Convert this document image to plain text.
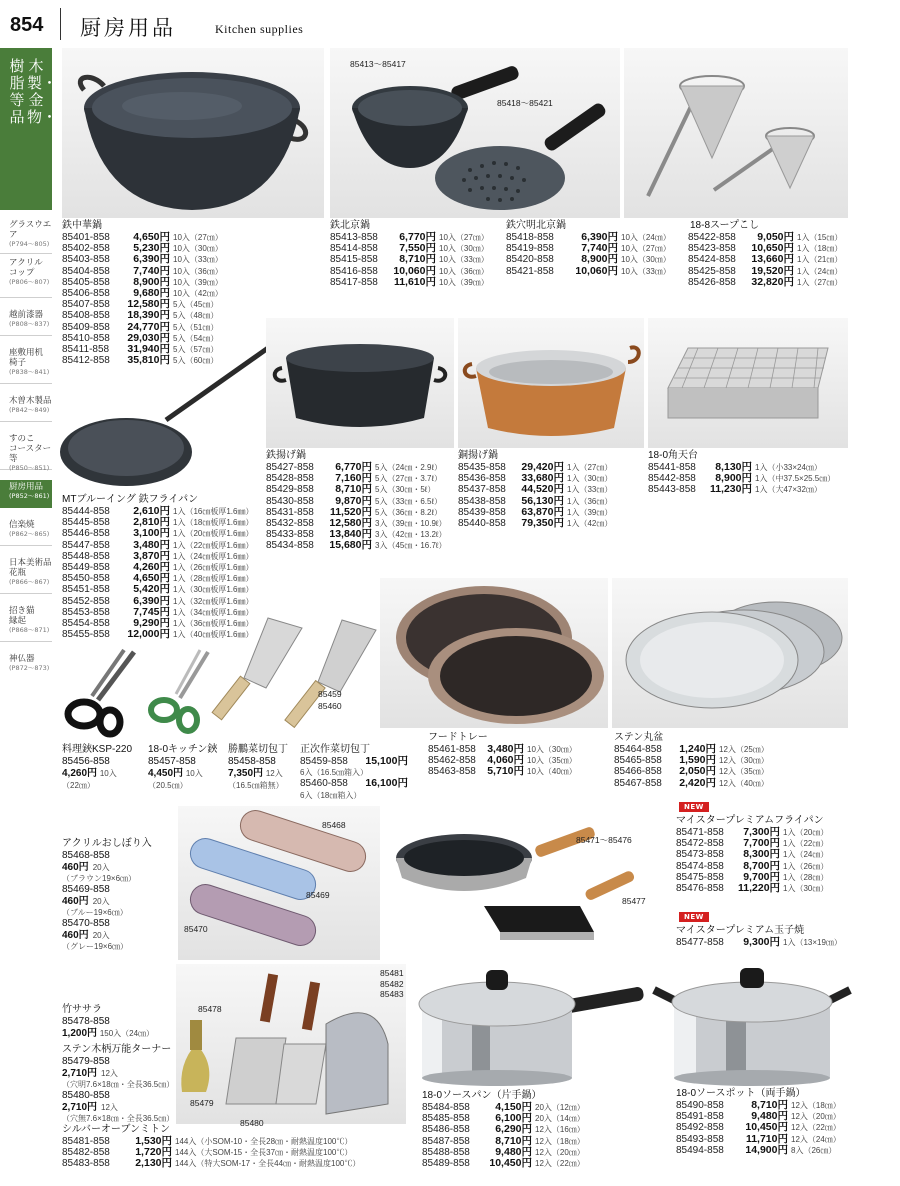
854 厨房用品	Kitchen supplies
木製・金物・
樹脂等品
グラスウエア
(P794～805)
アクリル
コップ
(P806～807)
越前漆器
(P808～837)
座敷用机
椅子
(P838～841)
木曽木製品
(P842～849)
すのこ
コースター等
(P850～851)
厨房用品
(P852～861)
信楽焼
(P862～865)
日本美術品
花瓶
(P866～867)
招き猫
縁起
(P868～871)
神仏器
(P872～873)
85413～85417
85418～85421
85459
85460
85468
85469
85470
85471～85476
85477
85478
85479
85480
85481
85482
85483
鉄中華鍋
85401-858	4,650円 10入（27㎝）
85402-858	5,230円 10入（30㎝）
85403-858	6,390円 10入（33㎝）
85404-858	7,740円 10入（36㎝）
85405-858	8,900円 10入（39㎝）
85406-858	9,680円 10入（42㎝）
85407-858	12,580円 5入（45㎝）
85408-858	18,390円 5入（48㎝）
85409-858	24,770円 5入（51㎝）
85410-858	29,030円 5入（54㎝）
85411-858	31,940円 5入（57㎝）
85412-858	35,810円 5入（60㎝）
鉄北京鍋
85413-858	6,770円 10入（27㎝）
85414-858	7,550円 10入（30㎝）
85415-858	8,710円 10入（33㎝）
85416-858	10,060円 10入（36㎝）
85417-858	11,610円 10入（39㎝）
鉄穴明北京鍋
85418-858	6,390円 10入（24㎝）
85419-858	7,740円 10入（27㎝）
85420-858	8,900円 10入（30㎝）
85421-858	10,060円 10入（33㎝）
18-8スープこし
85422-858	9,050円 1入（15㎝）
85423-858	10,650円 1入（18㎝）
85424-858	13,660円 1入（21㎝）
85425-858	19,520円 1入（24㎝）
85426-858	32,820円 1入（27㎝）
鉄揚げ鍋
85427-858	6,770円 5入（24㎝・2.9ℓ）
85428-858	7,160円 5入（27㎝・3.7ℓ）
85429-858	8,710円 5入（30㎝・5ℓ）
85430-858	9,870円 5入（33㎝・6.5ℓ）
85431-858	11,520円 5入（36㎝・8.2ℓ）
85432-858	12,580円 3入（39㎝・10.9ℓ）
85433-858	13,840円 3入（42㎝・13.2ℓ）
85434-858	15,680円 3入（45㎝・16.7ℓ）
銅揚げ鍋
85435-858	29,420円 1入（27㎝）
85436-858	33,680円 1入（30㎝）
85437-858	44,520円 1入（33㎝）
85438-858	56,130円 1入（36㎝）
85439-858	63,870円 1入（39㎝）
85440-858	79,350円 1入（42㎝）
18-0角天台
85441-858	8,130円 1入（小33×24㎝）
85442-858	8,900円 1入（中37.5×25.5㎝）
85443-858	11,230円 1入（大47×32㎝）
MTブルーイング 鉄フライパン
85444-858	2,610円 1入（16㎝板厚1.6㎜）
85445-858	2,810円 1入（18㎝板厚1.6㎜）
85446-858	3,100円 1入（20㎝板厚1.6㎜）
85447-858	3,480円 1入（22㎝板厚1.6㎜）
85448-858	3,870円 1入（24㎝板厚1.6㎜）
85449-858	4,260円 1入（26㎝板厚1.6㎜）
85450-858	4,650円 1入（28㎝板厚1.6㎜）
85451-858	5,420円 1入（30㎝板厚1.6㎜）
85452-858	6,390円 1入（32㎝板厚1.6㎜）
85453-858	7,745円 1入（34㎝板厚1.6㎜）
85454-858	9,290円 1入（36㎝板厚1.6㎜）
85455-858	12,000円 1入（40㎝板厚1.6㎜）
料理鋏KSP-220
85456-858
4,260円 10入
（22㎝）
18-0キッチン鋏
85457-858
4,450円 10入
（20.5㎝）
勝鵬菜切包丁
85458-858
7,350円 12入
（16.5㎝箱無）
正次作菜切包丁
85459-858	15,100円
6入（16.5㎝箱入）
85460-858	16,100円
6入（18㎝箱入）
フードトレー
85461-858	3,480円 10入（30㎝）
85462-858	4,060円 10入（35㎝）
85463-858	5,710円 10入（40㎝）
ステン丸盆
85464-858	1,240円 12入（25㎝）
85465-858	1,590円 12入（30㎝）
85466-858	2,050円 12入（35㎝）
85467-858	2,420円 12入（40㎝）
アクリルおしぼり入
85468-858
460円 20入
（ブラウン19×6㎝）
85469-858
460円 20入
（ブルー19×6㎝）
85470-858
460円 20入
（グレー19×6㎝）
NEW
マイスタープレミアムフライパン
85471-858	7,300円 1入（20㎝）
85472-858	7,700円 1入（22㎝）
85473-858	8,300円 1入（24㎝）
85474-858	8,700円 1入（26㎝）
85475-858	9,700円 1入（28㎝）
85476-858	11,220円 1入（30㎝）
NEW
マイスタープレミアム玉子焼
85477-858	9,300円 1入（13×19㎝）
竹ササラ
85478-858
1,200円 150入（24㎝）
ステン木柄万能ターナー
85479-858
2,710円 12入
（穴明7.6×18㎝・全長36.5㎝）
85480-858
2,710円 12入
（穴無7.6×18㎝・全長36.5㎝）
シルバーオーブンミトン
85481-858	1,530円 144入（小SOM-10・全長28㎝・耐熱温度100℃）
85482-858	1,720円 144入（大SOM-15・全長37㎝・耐熱温度100℃）
85483-858	2,130円 144入（特大SOM-17・全長44㎝・耐熱温度100℃）
18-0ソースパン（片手鍋）
85484-858	4,150円 20入（12㎝）
85485-858	6,100円 20入（14㎝）
85486-858	6,290円 12入（16㎝）
85487-858	8,710円 12入（18㎝）
85488-858	9,480円 12入（20㎝）
85489-858	10,450円 12入（22㎝）
18-0ソースポット（両手鍋）
85490-858	8,710円 12入（18㎝）
85491-858	9,480円 12入（20㎝）
85492-858	10,450円 12入（22㎝）
85493-858	11,710円 12入（24㎝）
85494-858	14,900円 8入（26㎝）
